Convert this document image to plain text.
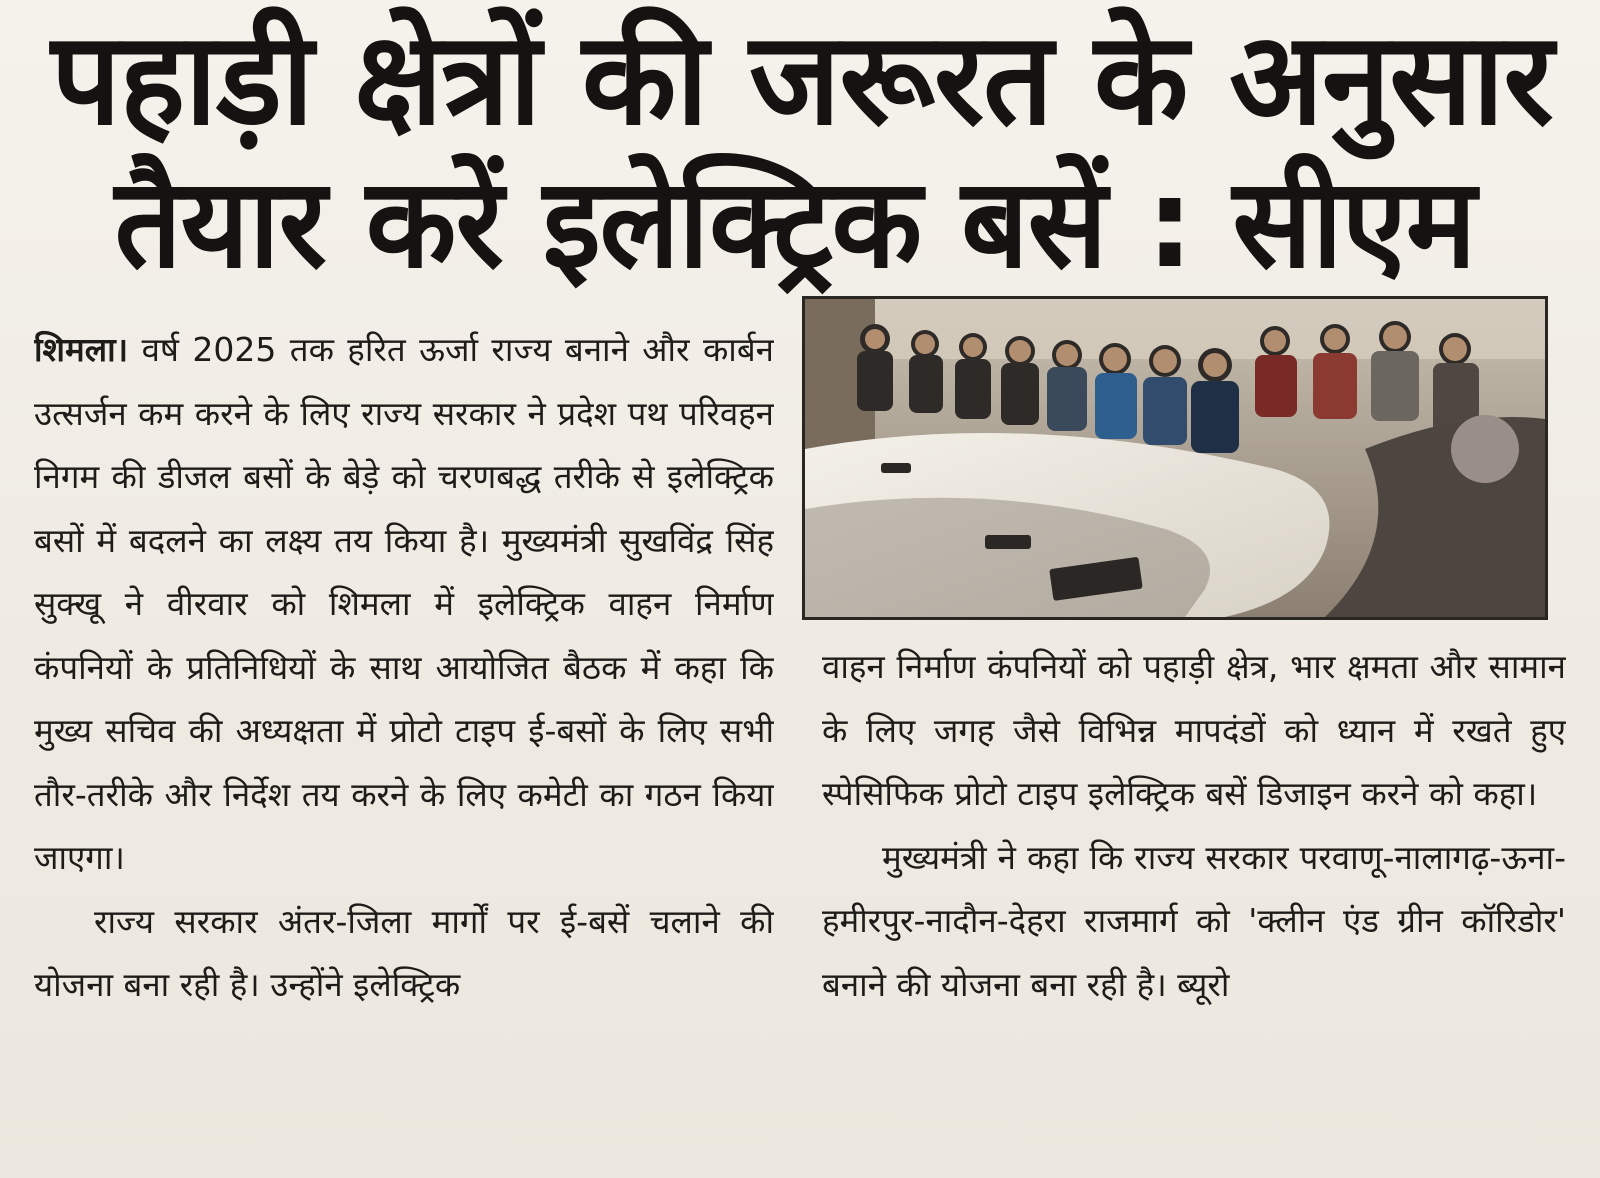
पहाड़ी क्षेत्रों की जरूरत के अनुसार
तैयार करें इलेक्ट्रिक बसें : सीएम

शिमला। वर्ष 2025 तक हरित ऊर्जा राज्य बनाने और कार्बन उत्सर्जन कम करने के लिए राज्य सरकार ने प्रदेश पथ परिवहन निगम की डीजल बसों के बेड़े को चरणबद्ध तरीके से इलेक्ट्रिक बसों में बदलने का लक्ष्य तय किया है। मुख्यमंत्री सुखविंद्र सिंह सुक्खू ने वीरवार को शिमला में इलेक्ट्रिक वाहन निर्माण कंपनियों के प्रतिनिधियों के साथ आयोजित बैठक में कहा कि मुख्य सचिव की अध्यक्षता में प्रोटो टाइप ई-बसों के लिए सभी तौर-तरीके और निर्देश तय करने के लिए कमेटी का गठन किया जाएगा।

राज्य सरकार अंतर-जिला मार्गों पर ई-बसें चलाने की योजना बना रही है। उन्होंने इलेक्ट्रिक

वाहन निर्माण कंपनियों को पहाड़ी क्षेत्र, भार क्षमता और सामान के लिए जगह जैसे विभिन्न मापदंडों को ध्यान में रखते हुए स्पेसिफिक प्रोटो टाइप इलेक्ट्रिक बसें डिजाइन करने को कहा।

मुख्यमंत्री ने कहा कि राज्य सरकार परवाणू-नालागढ़-ऊना-हमीरपुर-नादौन-देहरा राजमार्ग को 'क्लीन एंड ग्रीन कॉरिडोर' बनाने की योजना बना रही है। ब्यूरो
